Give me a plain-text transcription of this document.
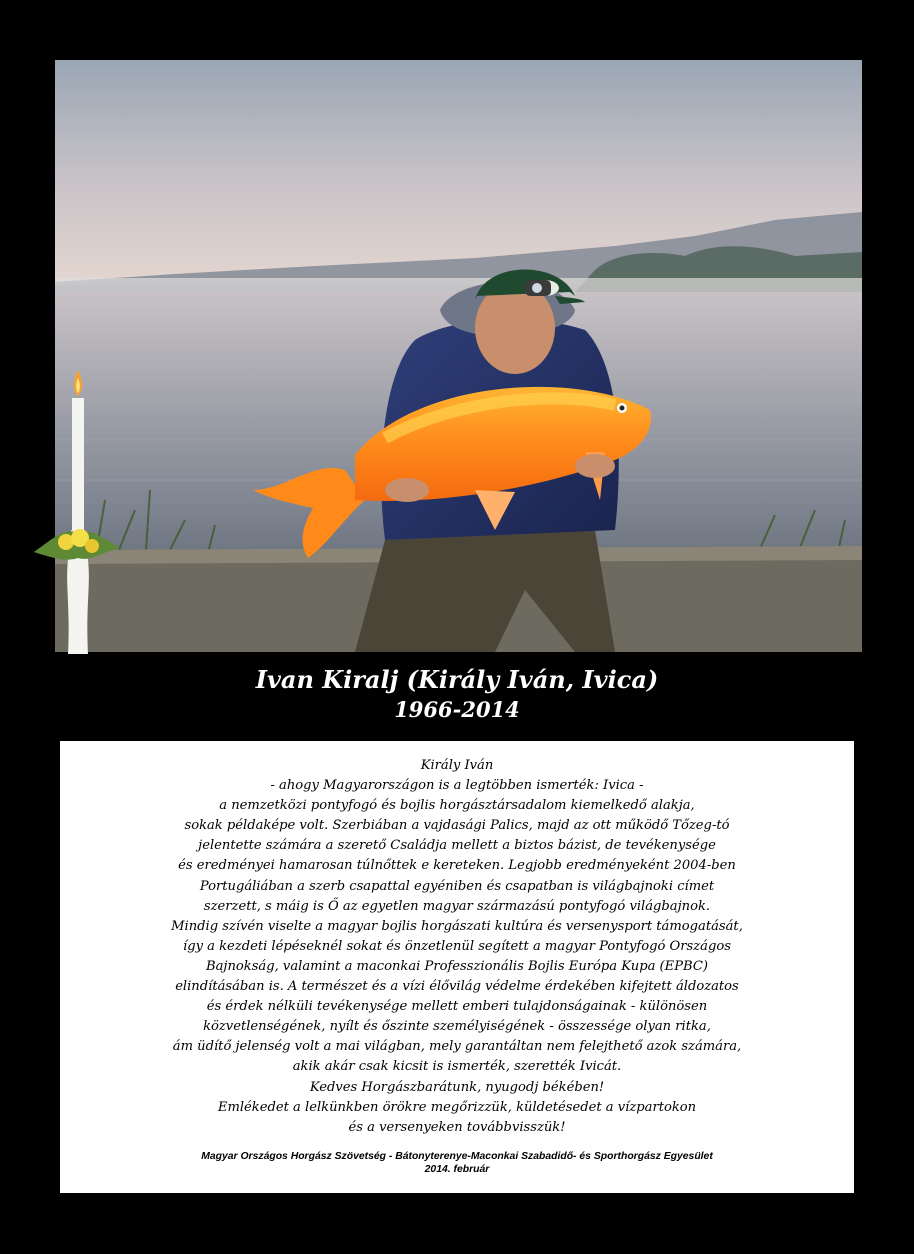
Ivan Kiralj (Király Iván, Ivica)
1966-2014
Király Iván
- ahogy Magyarországon is a legtöbben ismerték: Ivica -
a nemzetközi pontyfogó és bojlis horgásztársadalom kiemelkedő alakja,
sokak példaképe volt. Szerbiában a vajdasági Palics, majd az ott működő Tőzeg-tó
jelentette számára a szerető Családja mellett a biztos bázist, de tevékenysége
és eredményei hamarosan túlnőttek e kereteken. Legjobb eredményeként 2004-ben
Portugáliában a szerb csapattal egyéniben és csapatban is világbajnoki címet
szerzett, s máig is Ő az egyetlen magyar származású pontyfogó világbajnok.
Mindig szívén viselte a magyar bojlis horgászati kultúra és versenysport támogatását,
így a kezdeti lépéseknél sokat és önzetlenül segített a magyar Pontyfogó Országos
Bajnokság, valamint a maconkai Professzionális Bojlis Európa Kupa (EPBC)
elindításában is. A természet és a vízi élővilág védelme érdekében kifejtett áldozatos
és érdek nélküli tevékenysége mellett emberi tulajdonságainak - különösen
közvetlenségének, nyílt és őszinte személyiségének - összessége olyan ritka,
ám üdítő jelenség volt a mai világban, mely garantáltan nem felejthető azok számára,
akik akár csak kicsit is ismerték, szerették Ivicát.
Kedves Horgászbarátunk, nyugodj békében!
Emlékedet a lelkünkben örökre megőrizzük, küldetésedet a vízpartokon
és a versenyeken továbbvisszük!
Magyar Országos Horgász Szövetség - Bátonyterenye-Maconkai Szabadidő- és Sporthorgász Egyesület
2014. február
